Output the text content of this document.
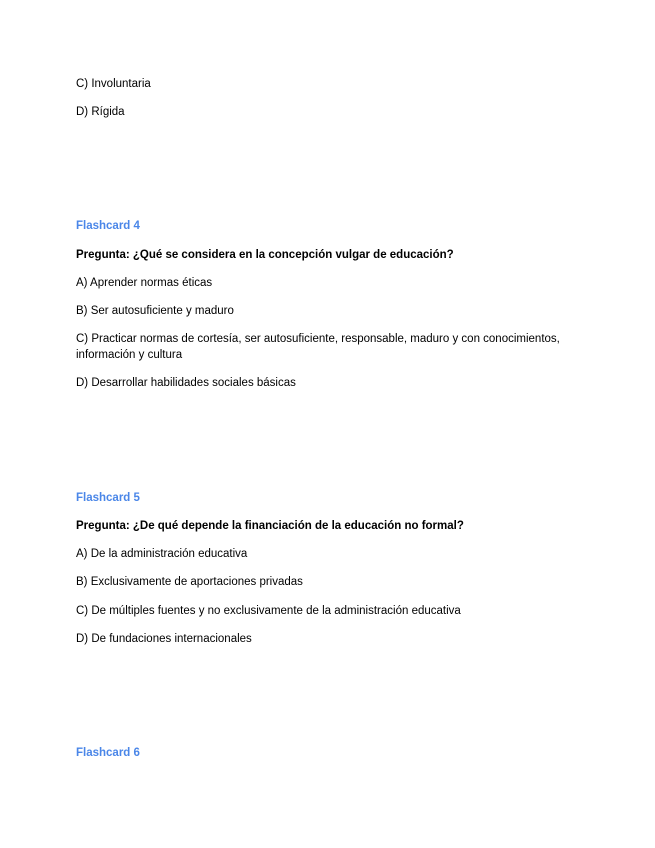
C) Involuntaria
D) Rígida
Flashcard 4
Pregunta: ¿Qué se considera en la concepción vulgar de educación?
A) Aprender normas éticas
B) Ser autosuficiente y maduro
C) Practicar normas de cortesía, ser autosuficiente, responsable, maduro y con conocimientos, información y cultura
D) Desarrollar habilidades sociales básicas
Flashcard 5
Pregunta: ¿De qué depende la financiación de la educación no formal?
A) De la administración educativa
B) Exclusivamente de aportaciones privadas
C) De múltiples fuentes y no exclusivamente de la administración educativa
D) De fundaciones internacionales
Flashcard 6
